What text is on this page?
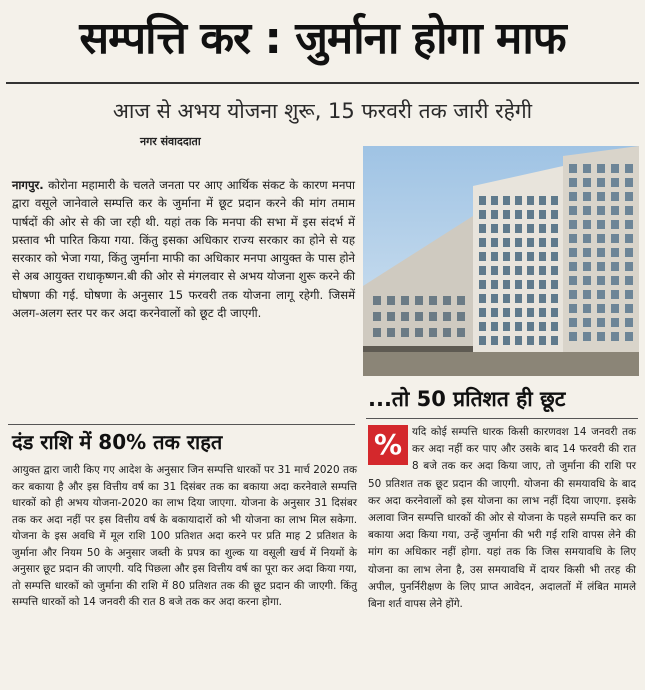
सम्पत्ति कर : जुर्माना होगा माफ
आज से अभय योजना शुरू, 15 फरवरी तक जारी रहेगी
नगर संवाददाता
नागपुर. कोरोना महामारी के चलते जनता पर आए आर्थिक संकट के कारण मनपा द्वारा वसूले जानेवाले सम्पत्ति कर के जुर्माना में छूट प्रदान करने की मांग तमाम पार्षदों की ओर से की जा रही थी. यहां तक कि मनपा की सभा में इस संदर्भ में प्रस्ताव भी पारित किया गया. किंतु इसका अधिकार राज्य सरकार का होने से यह सरकार को भेजा गया, किंतु जुर्माना माफी का अधिकार मनपा आयुक्त के पास होने से अब आयुक्त राधाकृष्णन.बी की ओर से मंगलवार से अभय योजना शुरू करने की घोषणा की गई. घोषणा के अनुसार 15 फरवरी तक योजना लागू रहेगी. जिसमें अलग-अलग स्तर पर कर अदा करनेवालों को छूट दी जाएगी.
दंड राशि में 80% तक राहत
आयुक्त द्वारा जारी किए गए आदेश के अनुसार जिन सम्पत्ति धारकों पर 31 मार्च 2020 तक कर बकाया है और इस वित्तीय वर्ष का 31 दिसंबर तक का बकाया अदा करनेवाले सम्पत्ति धारकों को ही अभय योजना-2020 का लाभ दिया जाएगा. योजना के अनुसार 31 दिसंबर तक कर अदा नहीं पर इस वित्तीय वर्ष के बकायादारों को भी योजना का लाभ मिल सकेगा. योजना के इस अवधि में मूल राशि 100 प्रतिशत अदा करने पर प्रति माह 2 प्रतिशत के जुर्माना और नियम 50 के अनुसार जब्ती के प्रपत्र का शुल्क या वसूली खर्च में नियमों के अनुसार छूट प्रदान की जाएगी. यदि पिछला और इस वित्तीय वर्ष का पूरा कर अदा किया गया, तो सम्पत्ति धारकों को जुर्माना की राशि में 80 प्रतिशत तक की छूट प्रदान की जाएगी. किंतु सम्पत्ति धारकों को 14 जनवरी की रात 8 बजे तक कर अदा करना होगा.
...तो 50 प्रतिशत ही छूट
यदि कोई सम्पत्ति धारक किसी कारणवश 14 जनवरी तक कर अदा नहीं कर पाए और उसके बाद 14 फरवरी की रात 8 बजे तक कर अदा किया जाए, तो जुर्माना की राशि पर 50 प्रतिशत तक छूट प्रदान की जाएगी. योजना की समयावधि के बाद कर अदा करनेवालों को इस योजना का लाभ नहीं दिया जाएगा. इसके अलावा जिन सम्पत्ति धारकों की ओर से योजना के पहले सम्पत्ति कर का बकाया अदा किया गया, उन्हें जुर्माना की भरी गई राशि वापस लेने की मांग का अधिकार नहीं होगा. यहां तक कि जिस समयावधि के लिए योजना का लाभ लेना है, उस समयावधि में दायर किसी भी तरह की अपील, पुनर्निरीक्षण के लिए प्राप्त आवेदन, अदालतों में लंबित मामले बिना शर्त वापस लेने होंगे.
%
